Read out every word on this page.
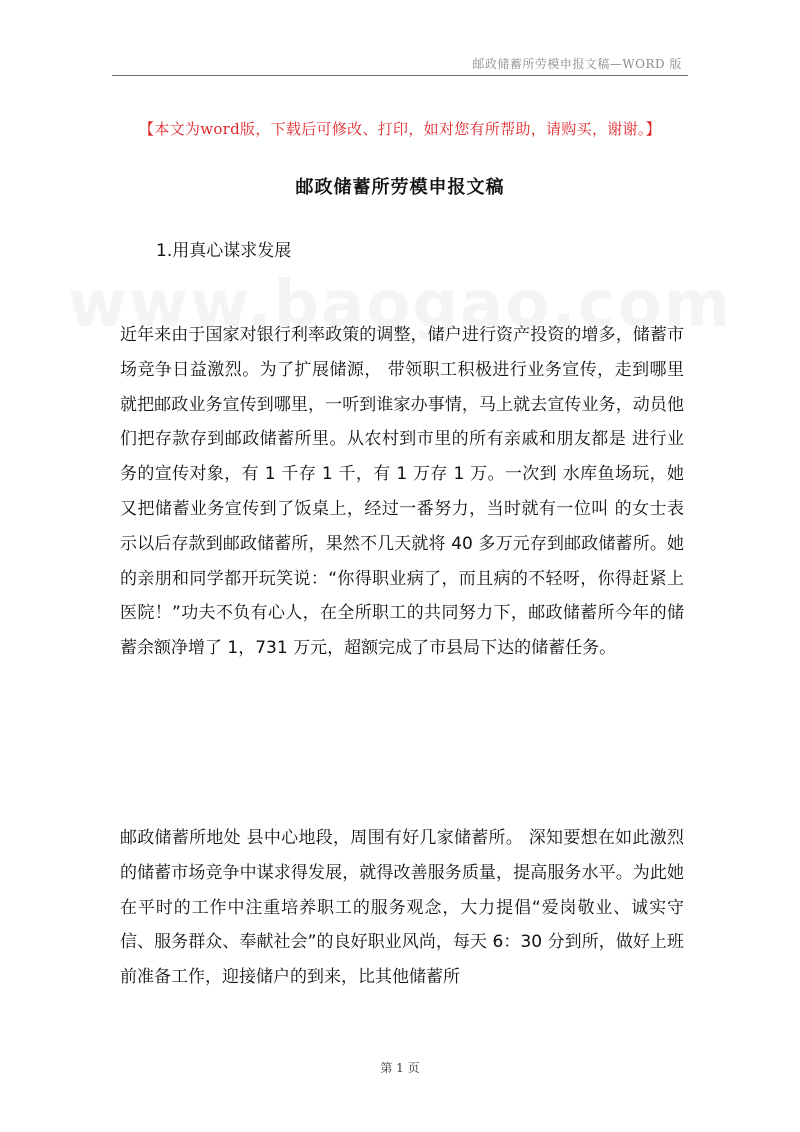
邮政储蓄所劳模申报文稿—WORD 版
【本文为word版，下载后可修改、打印，如对您有所帮助，请购买，谢谢。】
邮政储蓄所劳模申报文稿
1.用真心谋求发展

近年来由于国家对银行利率政策的调整，储户进行资产投资的增多，储蓄市场竞争日益激烈。为了扩展储源， 带领职工积极进行业务宣传，走到哪里就把邮政业务宣传到哪里，一听到谁家办事情，马上就去宣传业务，动员他们把存款存到邮政储蓄所里。从农村到市里的所有亲戚和朋友都是 进行业务的宣传对象，有 1 千存 1 千，有 1 万存 1 万。一次到 水库鱼场玩，她又把储蓄业务宣传到了饭桌上，经过一番努力，当时就有一位叫 的女士表示以后存款到邮政储蓄所，果然不几天就将 40 多万元存到邮政储蓄所。她的亲朋和同学都开玩笑说：“你得职业病了，而且病的不轻呀，你得赶紧上医院！”功夫不负有心人，在全所职工的共同努力下，邮政储蓄所今年的储蓄余额净增了 1，731 万元，超额完成了市县局下达的储蓄任务。

邮政储蓄所地处 县中心地段，周围有好几家储蓄所。 深知要想在如此激烈的储蓄市场竞争中谋求得发展，就得改善服务质量，提高服务水平。为此她在平时的工作中注重培养职工的服务观念，大力提倡“爱岗敬业、诚实守信、服务群众、奉献社会”的良好职业风尚，每天 6：30 分到所，做好上班前准备工作，迎接储户的到来，比其他储蓄所

第 1 页
